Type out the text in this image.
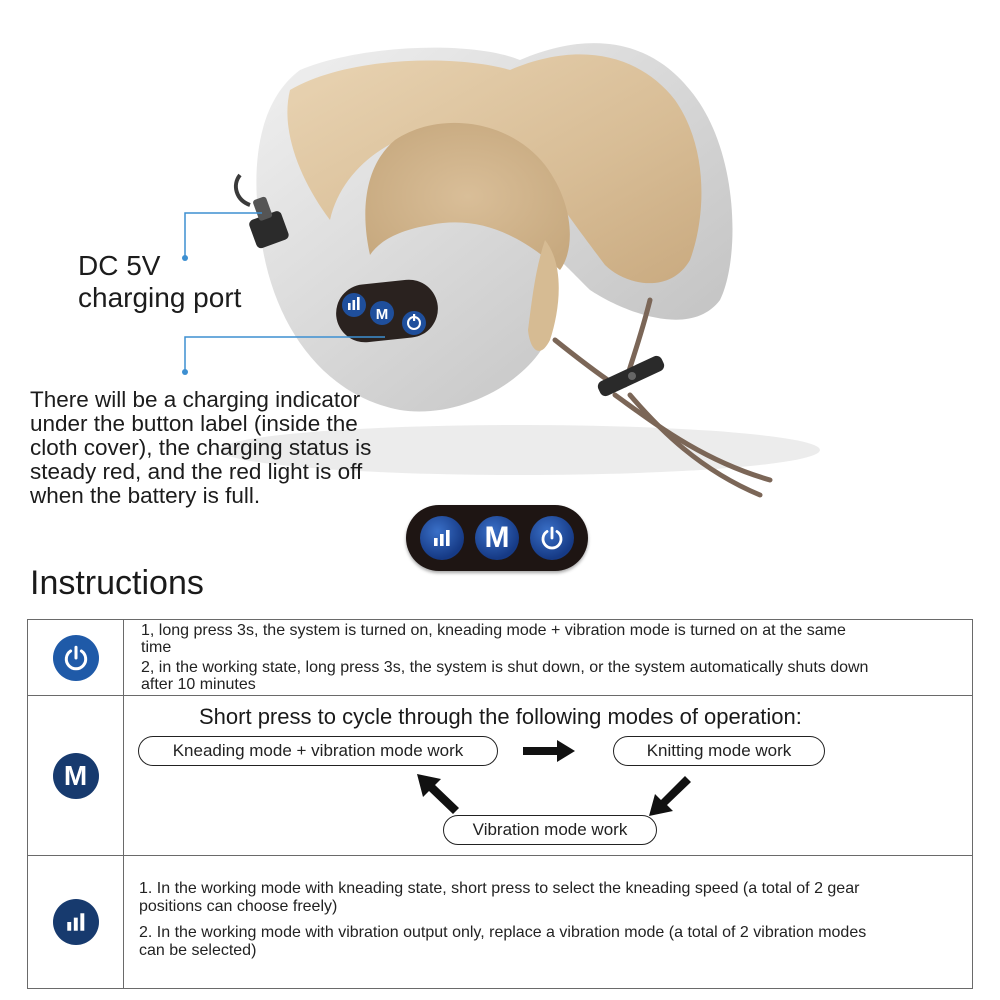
M
DC 5V
charging port
There will be a charging indicator
under the button label (inside the
cloth cover), the charging status is
steady red, and the red light is off
when the battery is full.
M
Instructions
1, long press 3s, the system is turned on, kneading mode + vibration mode is turned on at the same
time
2, in the working state, long press 3s, the system is shut down, or the system automatically shuts down
after 10 minutes
M
Short press to cycle through the following modes of operation:
Kneading mode + vibration mode work	Knitting mode work
Vibration mode work
1. In the working mode with kneading state, short press to select the kneading speed (a total of 2 gear
positions can choose freely)
2. In the working mode with vibration output only, replace a vibration mode (a total of 2 vibration modes
can be selected)
